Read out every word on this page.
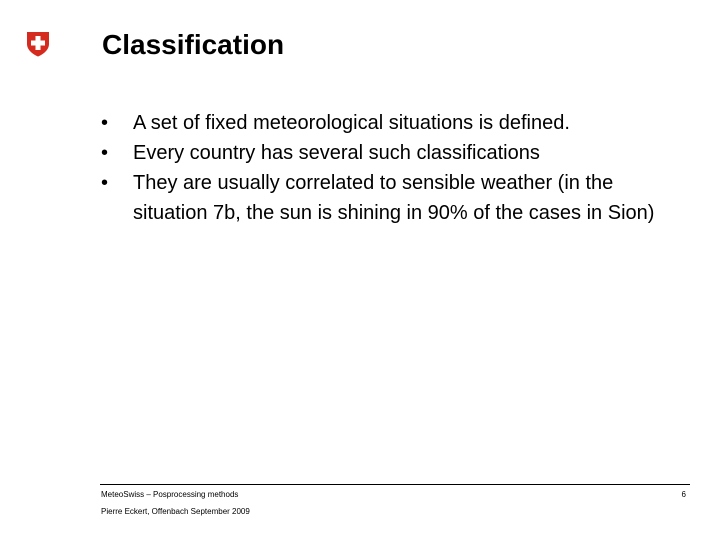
Classification
•	A set of fixed meteorological situations is defined.
•	Every country has several such classifications
•	They are usually correlated to sensible weather (in the situation 7b, the sun is shining in 90% of the cases in Sion)
MeteoSwiss – Posprocessing methods
Pierre Eckert, Offenbach September 2009
6
